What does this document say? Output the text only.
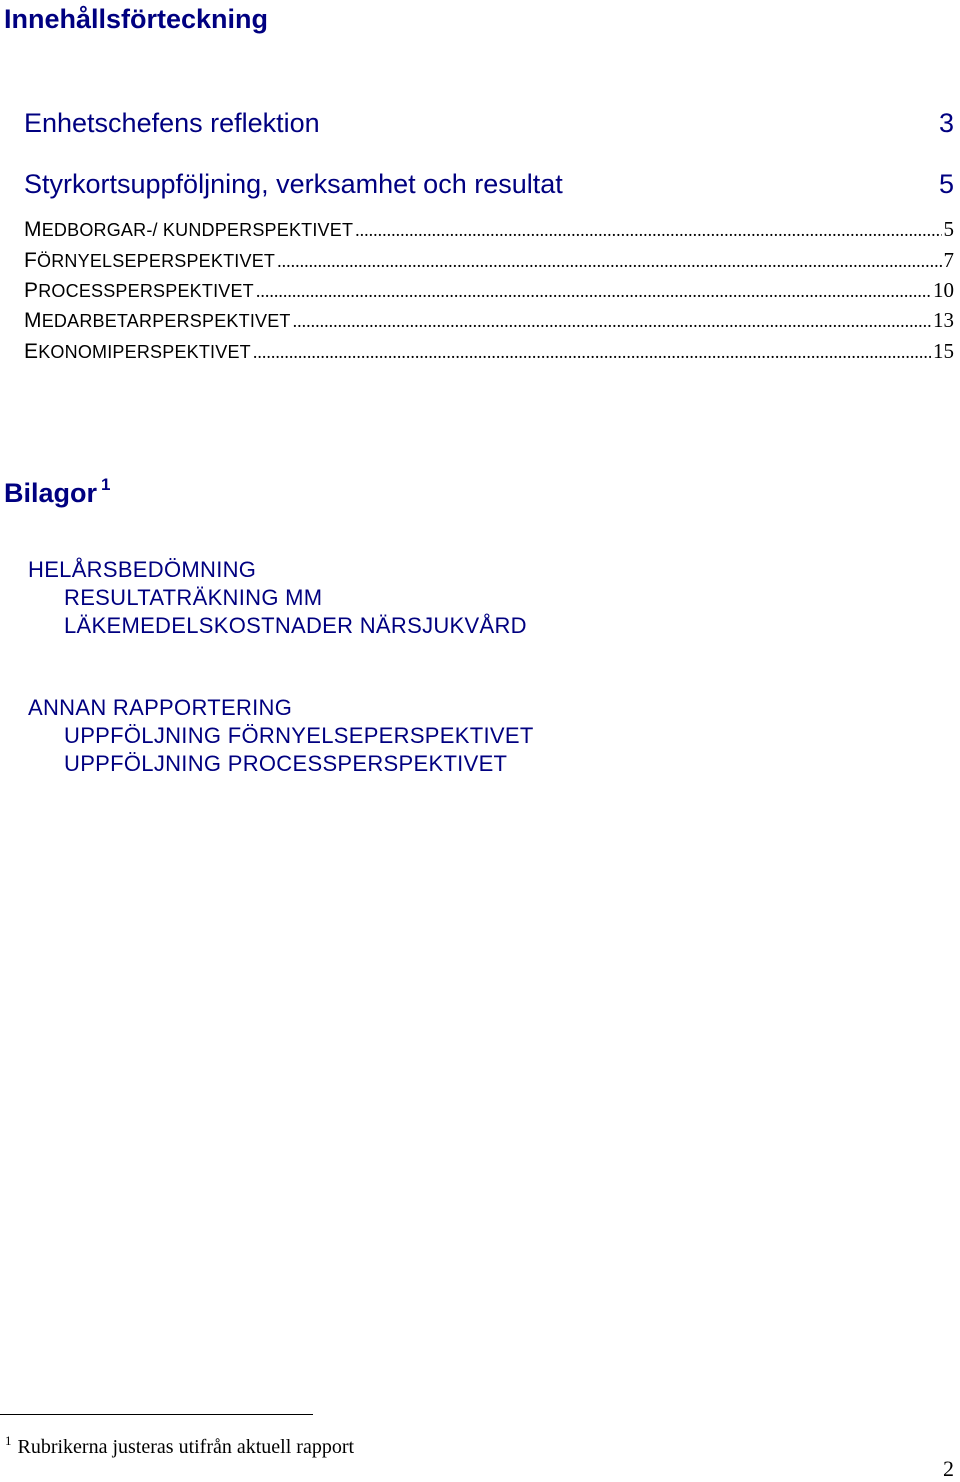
Innehållsförteckning
Enhetschefens reflektion	3
Styrkortsuppföljning, verksamhet och resultat	5
MEDBORGAR-/ KUNDPERSPEKTIVET .....	5
FÖRNYELSEPERSPEKTIVET .....	7
PROCESSPERSPEKTIVET .....	10
MEDARBETARPERSPEKTIVET .....	13
EKONOMIPERSPEKTIVET .....	15
Bilagor $^1$
HELÅRSBEDÖMNING
RESULTATRÄKNING MM
LÄKEMEDELSKOSTNADER NÄRSJUKVÅRD
ANNAN RAPPORTERING
UPPFÖLJNING FÖRNYELSEPERSPEKTIVET
UPPFÖLJNING PROCESSPERSPEKTIVET
$^1$ Rubrikerna justeras utifrån aktuell rapport
2
